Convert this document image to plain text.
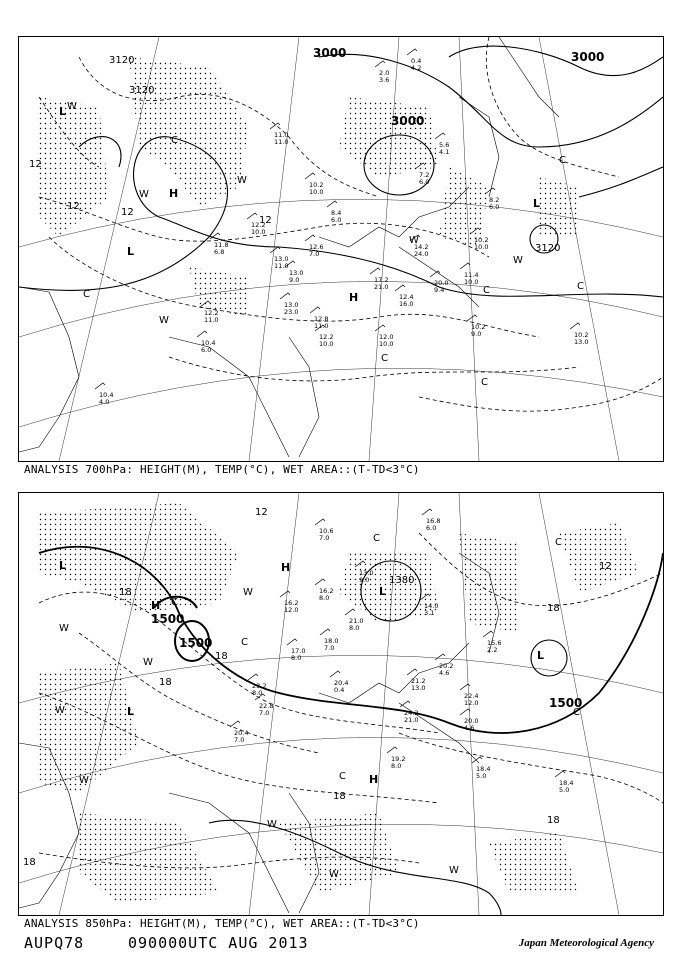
3120
3120
3000
3000
3000
3120
12
12
12
12
H
H
L
L
L
W
W
W
W
W
W
C
C
C
C
C	C
C
10.2
10.0
11.0
11.0
8.4
6.0
12.2
10.0
11.8
6.8
12.6
7.0
13.0
11.0
13.0
9.0
14.2
24.0
17.2
21.0
12.4
16.0
11.4
10.0
20.0
9.4
13.0
23.0
12.8
11.0
12.2
10.0
12.0
10.0
10.2
9.0	10.2
13.0
10.4
4.0
12.2
11.0
10.4
6.0
5.6
4.1
7.2
6.0
8.2
6.0
10.2
10.0
0.4
4.2
2.0
3.6
ANALYSIS 700hPa: HEIGHT(M), TEMP(°C), WET AREA::(T-TD<3°C)
1500
1500
1380
1500
12
12
18
18
18
18
18
18
18
H
H
H
L
L
L
L
W
W
W
W
W
W
W	W
C
C
C
C
C
C
16.2
12.0
21.0
8.0
14.0
3.1
15.6
2.2
20.2
4.6
22.4
12.0
20.0
4.6
21.2
13.0
24.2
21.0
19.2
8.0	18.4
5.0
18.4
5.0
23.2
8.0
22.8
7.0
20.4
7.0
18.0
7.0
20.4
0.4
17.0
8.0
13.0
9.0
16.8
6.0
10.6
7.0
16.2
8.0
ANALYSIS 850hPa: HEIGHT(M), TEMP(°C), WET AREA::(T-TD<3°C)
AUPQ78	090000UTC AUG 2013	Japan Meteorological Agency
